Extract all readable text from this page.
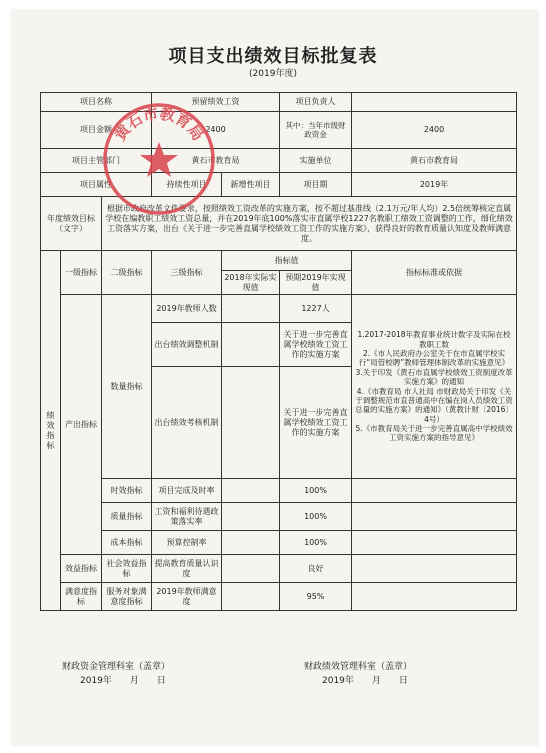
项目支出绩效目标批复表
(2019年度)
项目名称			预留绩效工资		项目负责人	
项目金额			2400		其中：当年市级财政资金	2400
项目主管部门			黄石市教育局		实施单位	黄石市教育局
项目属性			持续性项目	新增性项目	项目期	2019年
年度绩效目标（文字）		根据市政府改革文件要求，按照绩效工资改革的实施方案，按不超过基准线（2.1万元/年人均）2.5倍统筹核定直属学校在编教职工绩效工资总量，并在2019年底100%落实市直属学校1227名教职工绩效工资调整的工作，细化绩效工资落实方案，出台《关于进一步完善直属学校绩效工资工作的实施方案》，获得良好的教育质量认知度及教师满意度。				
绩效指标	一级指标	二级指标	三级指标	指标值		指标标准或依据
				2018年实际实现值	预期2019年实现值	
	产出指标	数量指标	2019年教师人数		1227人	1.2017-2018年教育事业统计数字及实际在校教职工数

2.《市人民政府办公室关于在市直属学校实行“局管校聘”教师管理体制改革的实施意见》

3.关于印发《黄石市直属学校绩效工资制度改革实施方案》的通知

4.《市教育局 市人社局 市财政局关于印发《关于调整规范市直普通高中在编在岗人员绩效工资总量的实施方案》的通知》（黄教计财〔2016〕4号）

5.《市教育局关于进一步完善直属高中学校绩效工资实施方案的指导意见》

			出台绩效调整机制		关于进一步完善直属学校绩效工资工作的实施方案	
			出台绩效考核机制		关于进一步完善直属学校绩效工资工作的实施方案	
		时效指标	项目完成及时率		100%	
		质量指标	工资和福利待遇政策落实率		100%	
		成本指标	预算控制率		100%	
	效益指标	社会效益指标	提高教育质量认识度		良好	
	满意度指标	服务对象满意度指标	2019年教师满意度		95%	
黄石市教育局
财政资金管理科室（盖章）
2019年　　月　　日
财政绩效管理科室（盖章）
2019年　　月　　日
